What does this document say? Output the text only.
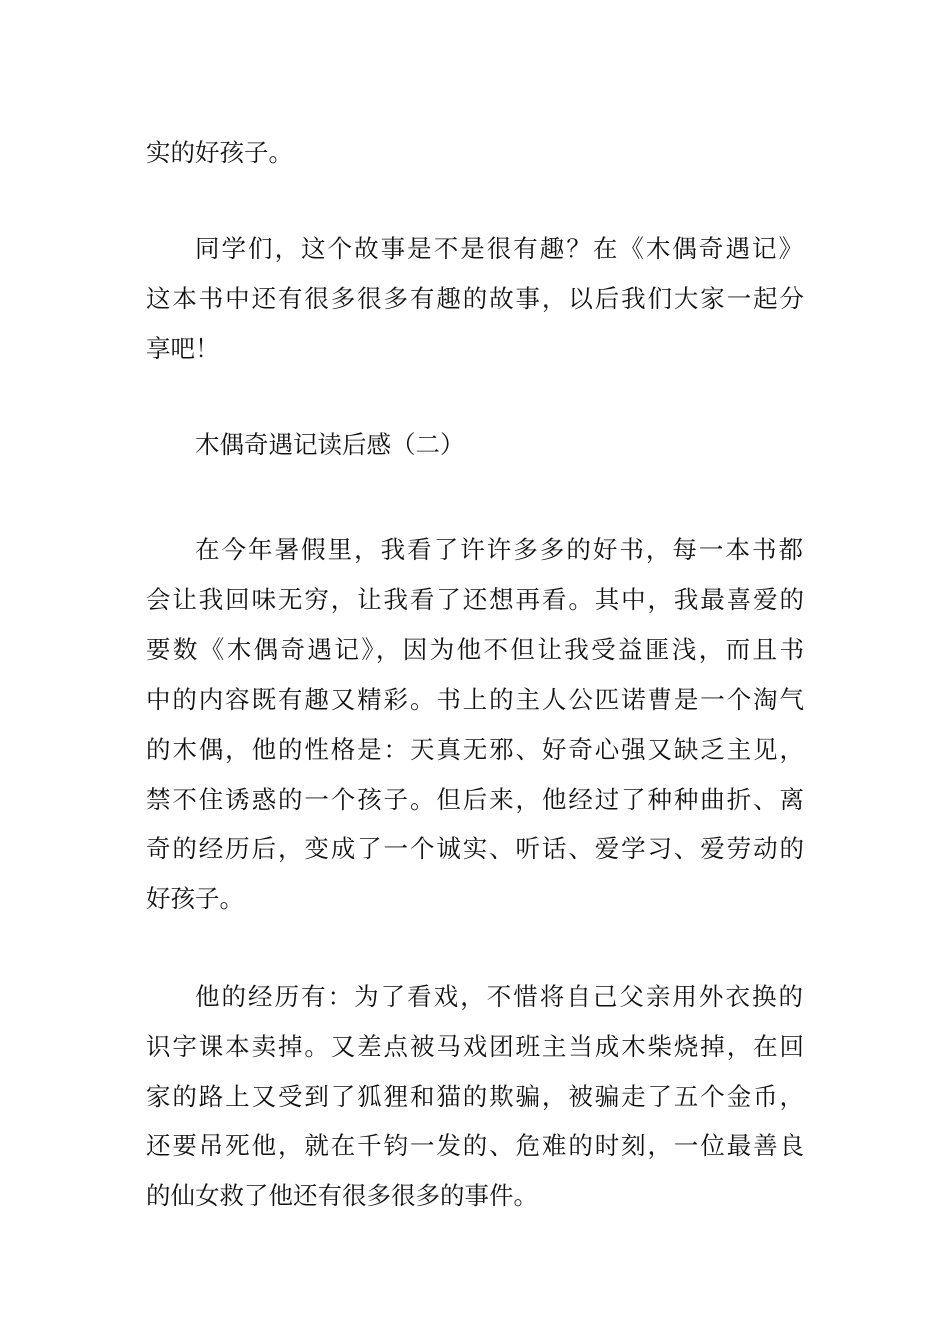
实的好孩子。

同学们，这个故事是不是很有趣？在《木偶奇遇记》

这本书中还有很多很多有趣的故事，以后我们大家一起分

享吧！

木偶奇遇记读后感（二）

在今年暑假里，我看了许许多多的好书，每一本书都

会让我回味无穷，让我看了还想再看。其中，我最喜爱的

要数《木偶奇遇记》，因为他不但让我受益匪浅，而且书

中的内容既有趣又精彩。书上的主人公匹诺曹是一个淘气

的木偶，他的性格是：天真无邪、好奇心强又缺乏主见，

禁不住诱惑的一个孩子。但后来，他经过了种种曲折、离

奇的经历后，变成了一个诚实、听话、爱学习、爱劳动的

好孩子。

他的经历有：为了看戏，不惜将自己父亲用外衣换的

识字课本卖掉。又差点被马戏团班主当成木柴烧掉，在回

家的路上又受到了狐狸和猫的欺骗，被骗走了五个金币，

还要吊死他，就在千钧一发的、危难的时刻，一位最善良

的仙女救了他还有很多很多的事件。
